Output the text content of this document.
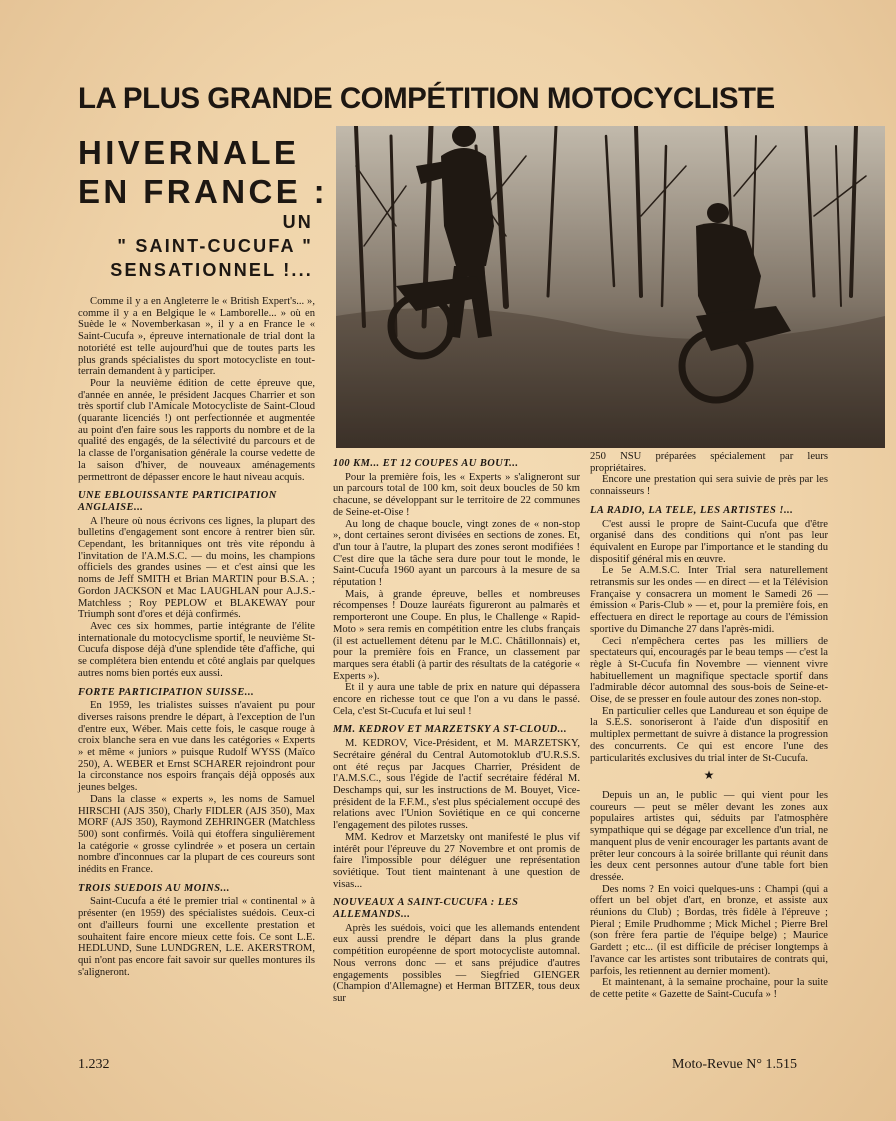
LA PLUS GRANDE COMPÉTITION MOTOCYCLISTE
HIVERNALE
EN FRANCE :
UN
" SAINT-CUCUFA "
SENSATIONNEL !...

Comme il y a en Angleterre le « British Expert's... », comme il y a en Belgique le « Lamborelle... » où en Suède le « Novemberkasan », il y a en France le « Saint-Cucufa », épreuve internationale de trial dont la notoriété est telle aujourd'hui que de toutes parts les plus grands spécialistes du sport motocycliste en tout-terrain demandent à y participer.

Pour la neuvième édition de cette épreuve que, d'année en année, le président Jacques Charrier et son très sportif club l'Amicale Motocycliste de Saint-Cloud (quarante licenciés !) ont perfectionnée et augmentée au point d'en faire sous les rapports du nombre et de la qualité des engagés, de la sélectivité du parcours et de la classe de l'organisation générale la course vedette de la saison d'hiver, de nouveaux aménagements permettront de dépasser encore le haut niveau acquis.

UNE EBLOUISSANTE PARTICIPATION ANGLAISE...

A l'heure où nous écrivons ces lignes, la plupart des bulletins d'engagement sont encore à rentrer bien sûr. Cependant, les britanniques ont très vite répondu à l'invitation de l'A.M.S.C. — du moins, les champions officiels des grandes usines — et c'est ainsi que les noms de Jeff SMITH et Brian MARTIN pour B.S.A. ; Gordon JACKSON et Mac LAUGHLAN pour A.J.S.-Matchless ; Roy PEPLOW et BLAKEWAY pour Triumph sont d'ores et déjà confirmés.

Avec ces six hommes, partie intégrante de l'élite internationale du motocyclisme sportif, le neuvième St-Cucufa dispose déjà d'une splendide tête d'affiche, qui se complétera bien entendu et côté anglais par quelques autres noms bien portés eux aussi.

FORTE PARTICIPATION SUISSE...

En 1959, les trialistes suisses n'avaient pu pour diverses raisons prendre le départ, à l'exception de l'un d'entre eux, Wéber. Mais cette fois, le casque rouge à croix blanche sera en vue dans les catégories « Experts » et même « juniors » puisque Rudolf WYSS (Maïco 250), A. WEBER et Ernst SCHARER rejoindront pour la circonstance nos espoirs français déjà opposés aux jeunes belges.

Dans la classe « experts », les noms de Samuel HIRSCHI (AJS 350), Charly FIDLER (AJS 350), Max MORF (AJS 350), Raymond ZEHRINGER (Matchless 500) sont confirmés. Voilà qui étoffera singulièrement la catégorie « grosse cylindrée » et posera un certain nombre d'inconnues car la plupart de ces coureurs sont inédits en France.

TROIS SUEDOIS AU MOINS...

Saint-Cucufa a été le premier trial « continental » à présenter (en 1959) des spécialistes suédois. Ceux-ci ont d'ailleurs fourni une excellente prestation et souhaitent faire encore mieux cette fois. Ce sont L.E. HEDLUND, Sune LUNDGREN, L.E. AKERSTROM, qui n'ont pas encore fait savoir sur quelles montures ils s'aligneront.

100 KM... ET 12 COUPES AU BOUT...

Pour la première fois, les « Experts » s'aligneront sur un parcours total de 100 km, soit deux boucles de 50 km chacune, se développant sur le territoire de 22 communes de Seine-et-Oise !

Au long de chaque boucle, vingt zones de « non-stop », dont certaines seront divisées en sections de zones. Et, d'un tour à l'autre, la plupart des zones seront modifiées ! C'est dire que la tâche sera dure pour tout le monde, le Saint-Cucufa 1960 ayant un parcours à la mesure de sa réputation !

Mais, à grande épreuve, belles et nombreuses récompenses ! Douze lauréats figureront au palmarès et remporteront une Coupe. En plus, le Challenge « Rapid-Moto » sera remis en compétition entre les clubs français (il est actuellement détenu par le M.C. Châtillonnais) et, pour la première fois en France, un classement par marques sera établi (à partir des résultats de la catégorie « Experts »).

Et il y aura une table de prix en nature qui dépassera encore en richesse tout ce que l'on a vu dans le passé. Cela, c'est St-Cucufa et lui seul !

MM. KEDROV ET MARZETSKY A ST-CLOUD...

M. KEDROV, Vice-Président, et M. MARZETSKY, Secrétaire général du Central Automotoklub d'U.R.S.S. ont été reçus par Jacques Charrier, Président de l'A.M.S.C., sous l'égide de l'actif secrétaire fédéral M. Deschamps qui, sur les instructions de M. Bouyet, Vice-président de la F.F.M., s'est plus spécialement occupé des relations avec l'Union Soviétique en ce qui concerne l'engagement des pilotes russes.

MM. Kedrov et Marzetsky ont manifesté le plus vif intérêt pour l'épreuve du 27 Novembre et ont promis de faire l'impossible pour déléguer une représentation soviétique. Tout tient maintenant à une question de visas...

NOUVEAUX A SAINT-CUCUFA : LES ALLEMANDS...

Après les suédois, voici que les allemands entendent eux aussi prendre le départ dans la plus grande compétition européenne de sport motocycliste automnal. Nous verrons donc — et sans préjudice d'autres engagements possibles — Siegfried GIENGER (Champion d'Allemagne) et Herman BITZER, tous deux sur

250 NSU préparées spécialement par leurs propriétaires.

Encore une prestation qui sera suivie de près par les connaisseurs !

LA RADIO, LA TELE, LES ARTISTES !...

C'est aussi le propre de Saint-Cucufa que d'être organisé dans des conditions qui n'ont pas leur équivalent en Europe par l'importance et le standing du dispositif général mis en œuvre.

Le 5e A.M.S.C. Inter Trial sera naturellement retransmis sur les ondes — en direct — et la Télévision Française y consacrera un moment le Samedi 26 — émission « Paris-Club » — et, pour la première fois, en effectuera en direct le reportage au cours de l'émission sportive du Dimanche 27 dans l'après-midi.

Ceci n'empêchera certes pas les milliers de spectateurs qui, encouragés par le beau temps — c'est la règle à St-Cucufa fin Novembre — viennent vivre habituellement un magnifique spectacle sportif dans l'admirable décor automnal des sous-bois de Seine-et-Oise, de se presser en foule autour des zones non-stop.

En particulier celles que Landureau et son équipe de la S.E.S. sonoriseront à l'aide d'un dispositif en multiplex permettant de suivre à distance la progression des concurrents. Ce qui est encore l'une des particularités exclusives du trial inter de St-Cucufa.

★

Depuis un an, le public — qui vient pour les coureurs — peut se mêler devant les zones aux populaires artistes qui, séduits par l'atmosphère sympathique qui se dégage par excellence d'un trial, ne manquent plus de venir encourager les partants avant de prêter leur concours à la soirée brillante qui réunit dans les deux cent personnes autour d'une table fort bien dressée.

Des noms ? En voici quelques-uns : Champi (qui a offert un bel objet d'art, en bronze, et assiste aux réunions du Club) ; Bordas, très fidèle à l'épreuve ; Pieral ; Emile Prudhomme ; Mick Michel ; Pierre Brel (son frère fera partie de l'équipe belge) ; Maurice Gardett ; etc... (il est difficile de préciser longtemps à l'avance car les artistes sont tributaires de contrats qui, parfois, les retiennent au dernier moment).

Et maintenant, à la semaine prochaine, pour la suite de cette petite « Gazette de Saint-Cucufa » !

1.232	Moto-Revue N° 1.515
